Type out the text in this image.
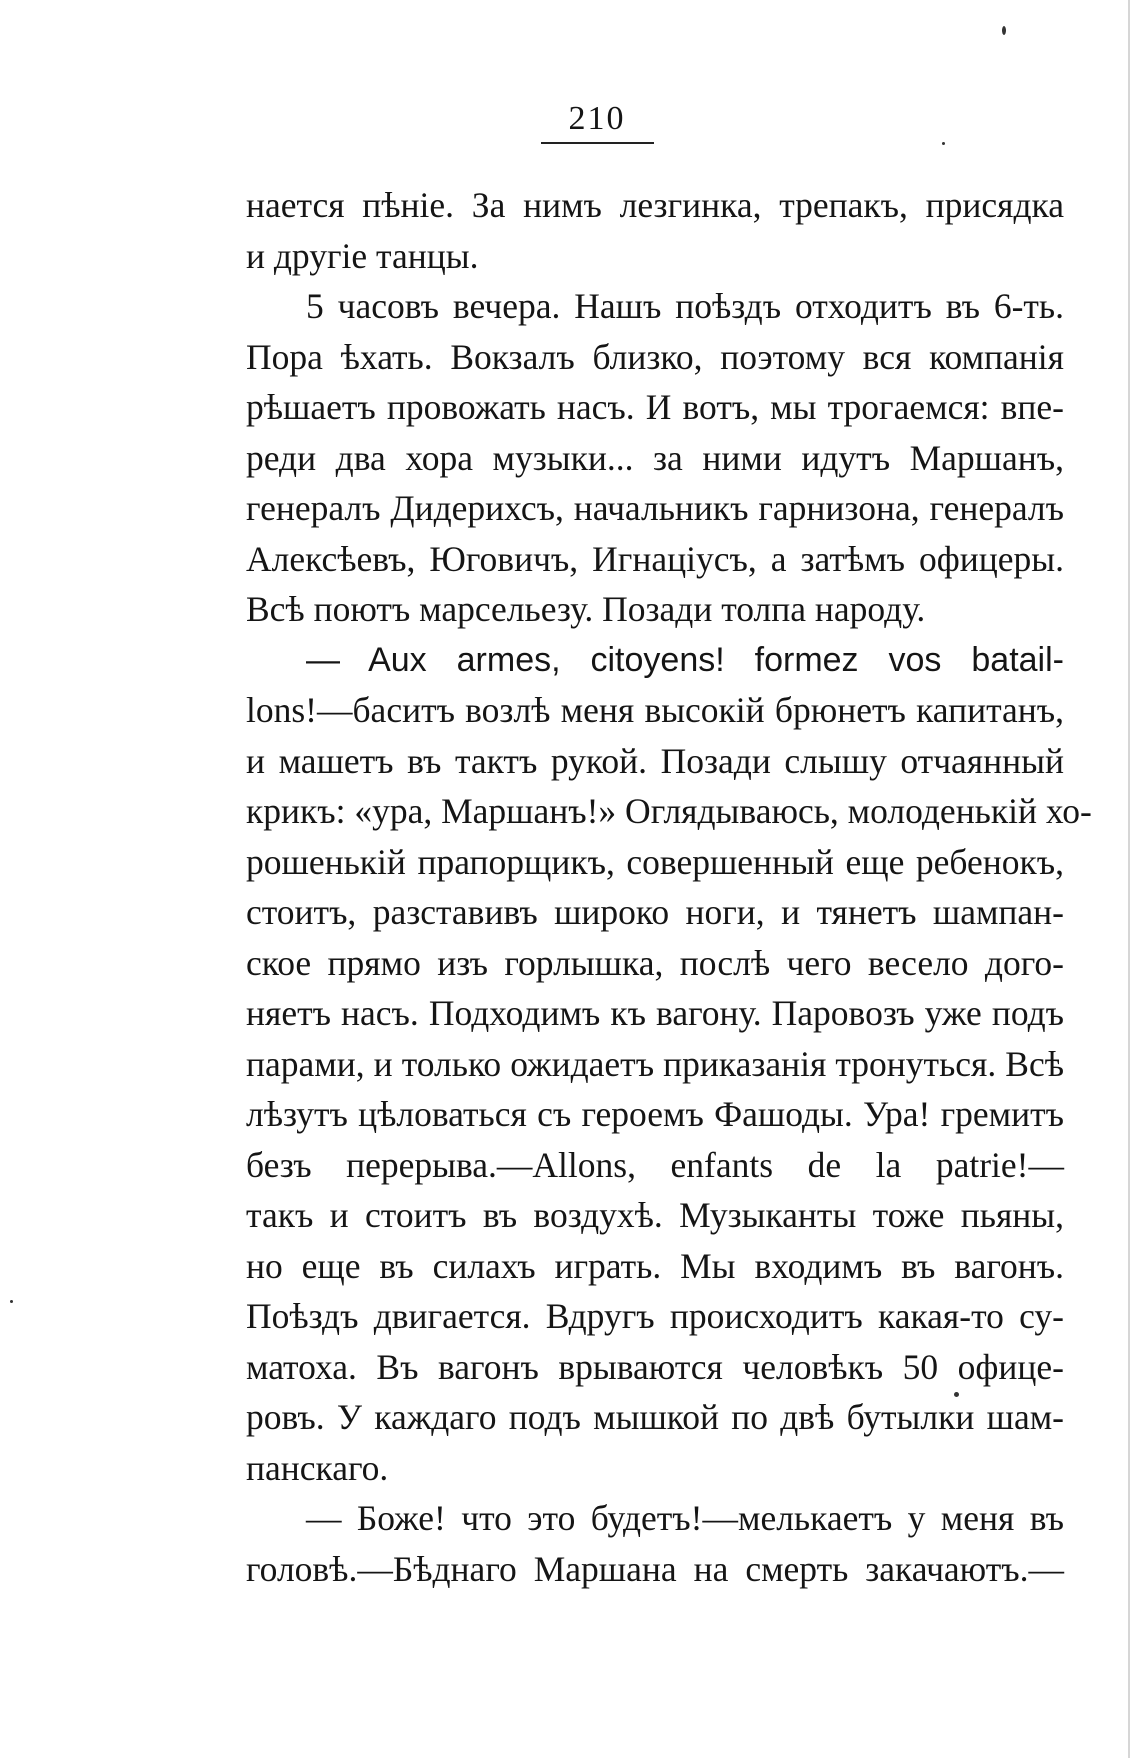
210
нается пѣніе. За нимъ лезгинка, трепакъ, присядка
и другіе танцы.
5 часовъ вечера. Нашъ поѣздъ отходитъ въ 6-ть.
Пора ѣхать. Вокзалъ близко, поэтому вся компанія
рѣшаетъ провожать насъ. И вотъ, мы трогаемся: впе-
реди два хора музыки... за ними идутъ Маршанъ,
генералъ Дидерихсъ, начальникъ гарнизона, генералъ
Алексѣевъ, Юговичъ, Игнаціусъ, а затѣмъ офицеры.
Всѣ поютъ марсельезу. Позади толпа народу.
— Aux armes, citoyens! formez vos batail-
lons!—баситъ возлѣ меня высокій брюнетъ капитанъ,
и машетъ въ тактъ рукой. Позади слышу отчаянный
крикъ: «ура, Маршанъ!» Оглядываюсь, молоденькій хо-
рошенькій прапорщикъ, совершенный еще ребенокъ,
стоитъ, разставивъ широко ноги, и тянетъ шампан-
ское прямо изъ горлышка, послѣ чего весело дого-
няетъ насъ. Подходимъ къ вагону. Паровозъ уже подъ
парами, и только ожидаетъ приказанія тронуться. Всѣ
лѣзутъ цѣловаться съ героемъ Фашоды. Ура! гремитъ
безъ перерыва.—Allons, enfants de la patrie!—
такъ и стоитъ въ воздухѣ. Музыканты тоже пьяны,
но еще въ силахъ играть. Мы входимъ въ вагонъ.
Поѣздъ двигается. Вдругъ происходитъ какая-то су-
матоха. Въ вагонъ врываются человѣкъ 50 офице-
ровъ. У каждаго подъ мышкой по двѣ бутылки шам-
панскаго.
— Боже! что это будетъ!—мелькаетъ у меня въ
головѣ.—Бѣднаго Маршана на смерть закачаютъ.—
